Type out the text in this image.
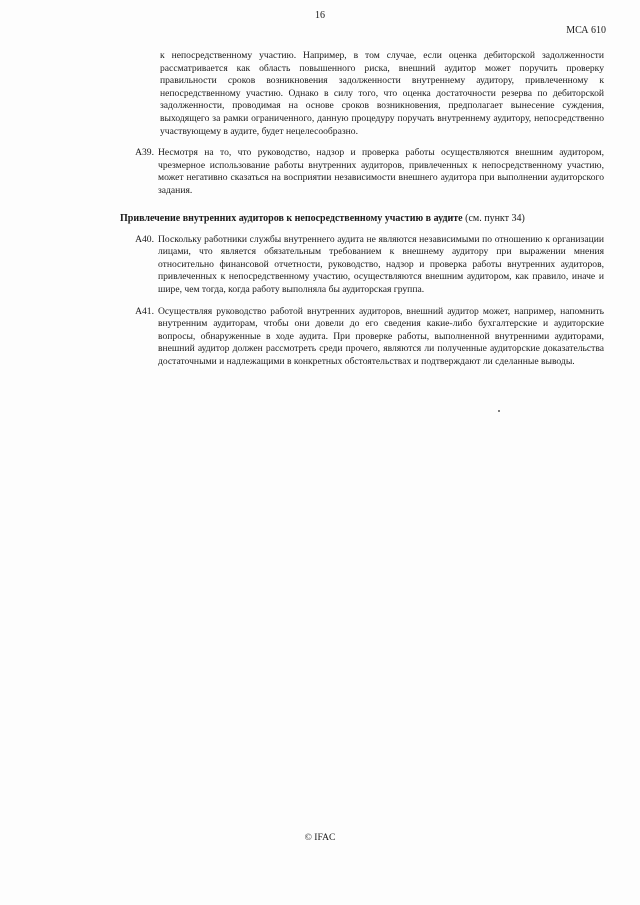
16
МСА 610

к непосредственному участию. Например, в том случае, если оценка дебиторской задолженности рассматривается как область повышенного риска, внешний аудитор может поручить проверку правильности сроков возникновения задолженности внутреннему аудитору, привлеченному к непосредственному участию. Однако в силу того, что оценка достаточности резерва по дебиторской задолженности, проводимая на основе сроков возникновения, предполагает вынесение суждения, выходящего за рамки ограниченного, данную процедуру поручать внутреннему аудитору, непосредственно участвующему в аудите, будет нецелесообразно.

A39. Несмотря на то, что руководство, надзор и проверка работы осуществляются внешним аудитором, чрезмерное использование работы внутренних аудиторов, привлеченных к непосредственному участию, может негативно сказаться на восприятии независимости внешнего аудитора при выполнении аудиторского задания.

Привлечение внутренних аудиторов к непосредственному участию в аудите (см. пункт 34)

A40. Поскольку работники службы внутреннего аудита не являются независимыми по отношению к организации лицами, что является обязательным требованием к внешнему аудитору при выражении мнения относительно финансовой отчетности, руководство, надзор и проверка работы внутренних аудиторов, привлеченных к непосредственному участию, осуществляются внешним аудитором, как правило, иначе и шире, чем тогда, когда работу выполняла бы аудиторская группа.

A41. Осуществляя руководство работой внутренних аудиторов, внешний аудитор может, например, напомнить внутренним аудиторам, чтобы они довели до его сведения какие-либо бухгалтерские и аудиторские вопросы, обнаруженные в ходе аудита. При проверке работы, выполненной внутренними аудиторами, внешний аудитор должен рассмотреть среди прочего, являются ли полученные аудиторские доказательства достаточными и надлежащими в конкретных обстоятельствах и подтверждают ли сделанные выводы.

© IFAC
